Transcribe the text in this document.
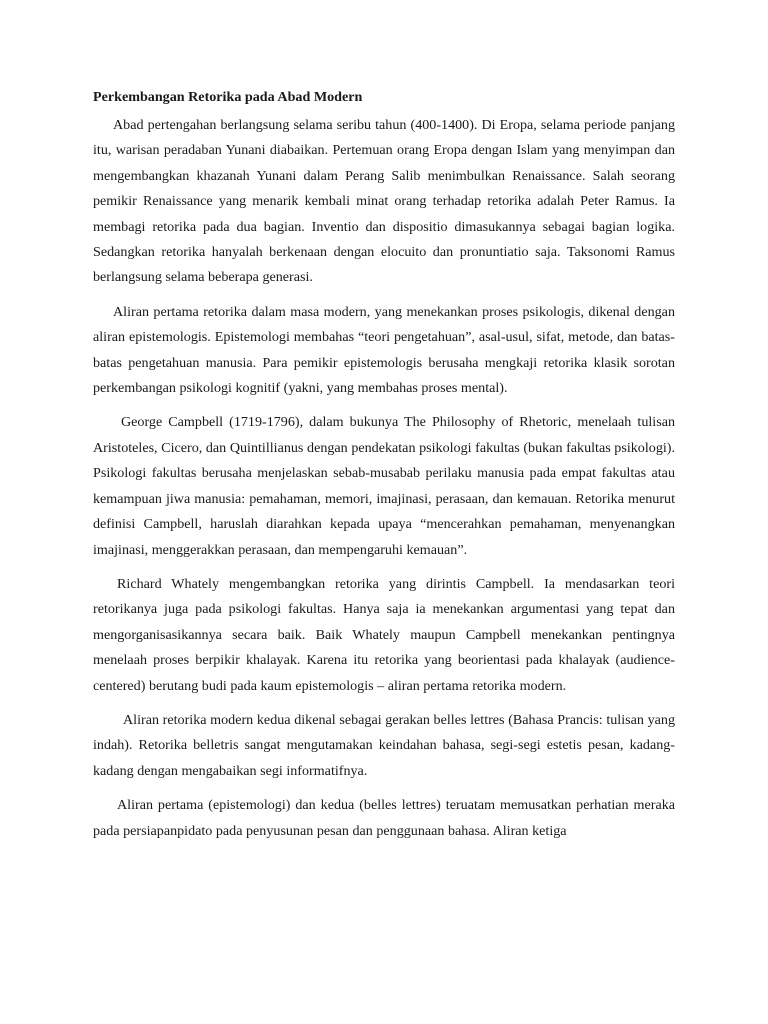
Perkembangan Retorika pada Abad Modern

Abad pertengahan berlangsung selama seribu tahun (400-1400). Di Eropa, selama periode panjang itu, warisan peradaban Yunani diabaikan. Pertemuan orang Eropa dengan Islam yang menyimpan dan mengembangkan khazanah Yunani dalam Perang Salib menimbulkan Renaissance. Salah seorang pemikir Renaissance yang menarik kembali minat orang terhadap retorika adalah Peter Ramus. Ia membagi retorika pada dua bagian. Inventio dan dispositio dimasukannya sebagai bagian logika. Sedangkan retorika hanyalah berkenaan dengan elocuito dan pronuntiatio saja. Taksonomi Ramus berlangsung selama beberapa generasi.

Aliran pertama retorika dalam masa modern, yang menekankan proses psikologis, dikenal dengan aliran epistemologis. Epistemologi membahas “teori pengetahuan”, asal-usul, sifat, metode, dan batas-batas pengetahuan manusia. Para pemikir epistemologis berusaha mengkaji retorika klasik sorotan perkembangan psikologi kognitif (yakni, yang membahas proses mental).

George Campbell (1719-1796), dalam bukunya The Philosophy of Rhetoric, menelaah tulisan Aristoteles, Cicero, dan Quintillianus dengan pendekatan psikologi fakultas (bukan fakultas psikologi). Psikologi fakultas berusaha menjelaskan sebab-musabab perilaku manusia pada empat fakultas atau kemampuan jiwa manusia: pemahaman, memori, imajinasi, perasaan, dan kemauan. Retorika menurut definisi Campbell, haruslah diarahkan kepada upaya “mencerahkan pemahaman, menyenangkan imajinasi, menggerakkan perasaan, dan mempengaruhi kemauan”.

Richard Whately mengembangkan retorika yang dirintis Campbell. Ia mendasarkan teori retorikanya juga pada psikologi fakultas. Hanya saja ia menekankan argumentasi yang tepat dan mengorganisasikannya secara baik. Baik Whately maupun Campbell menekankan pentingnya menelaah proses berpikir khalayak. Karena itu retorika yang beorientasi pada khalayak (audience-centered) berutang budi pada kaum epistemologis – aliran pertama retorika modern.

Aliran retorika modern kedua dikenal sebagai gerakan belles lettres (Bahasa Prancis: tulisan yang indah). Retorika belletris sangat mengutamakan keindahan bahasa, segi-segi estetis pesan, kadang-kadang dengan mengabaikan segi informatifnya.

Aliran pertama (epistemologi) dan kedua (belles lettres) teruatam memusatkan perhatian meraka pada persiapanpidato pada penyusunan pesan dan penggunaan bahasa. Aliran ketiga
